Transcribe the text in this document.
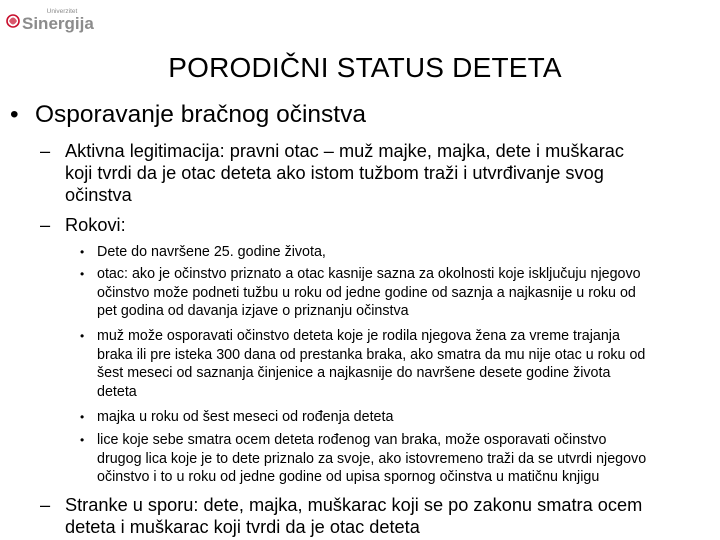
Univerzitet
Sinergija
PORODIČNI STATUS DETETA
• Osporavanje bračnog očinstva
– Aktivna legitimacija: pravni otac – muž majke, majka, dete i muškarac
koji tvrdi da je otac deteta ako istom tužbom traži i utvrđivanje svog
očinstva
– Rokovi:
• Dete do navršene 25. godine života,
• otac: ako je očinstvo priznato a otac kasnije sazna za okolnosti koje isključuju njegovo
očinstvo može podneti tužbu u roku od jedne godine od saznja a najkasnije u roku od
pet godina od davanja izjave o priznanju očinstva
• muž može osporavati očinstvo deteta koje je rodila njegova žena za vreme trajanja
braka ili pre isteka 300 dana od prestanka braka, ako smatra da mu nije otac u roku od
šest meseci od saznanja činjenice a najkasnije do navršene desete godine života
deteta
• majka u roku od šest meseci od rođenja deteta
• lice koje sebe smatra ocem deteta rođenog van braka, može osporavati očinstvo
drugog lica koje je to dete priznalo za svoje, ako istovremeno traži da se utvrdi njegovo
očinstvo i to u roku od jedne godine od upisa spornog očinstva u matičnu knjigu
– Stranke u sporu: dete, majka, muškarac koji se po zakonu smatra ocem
deteta i muškarac koji tvrdi da je otac deteta
